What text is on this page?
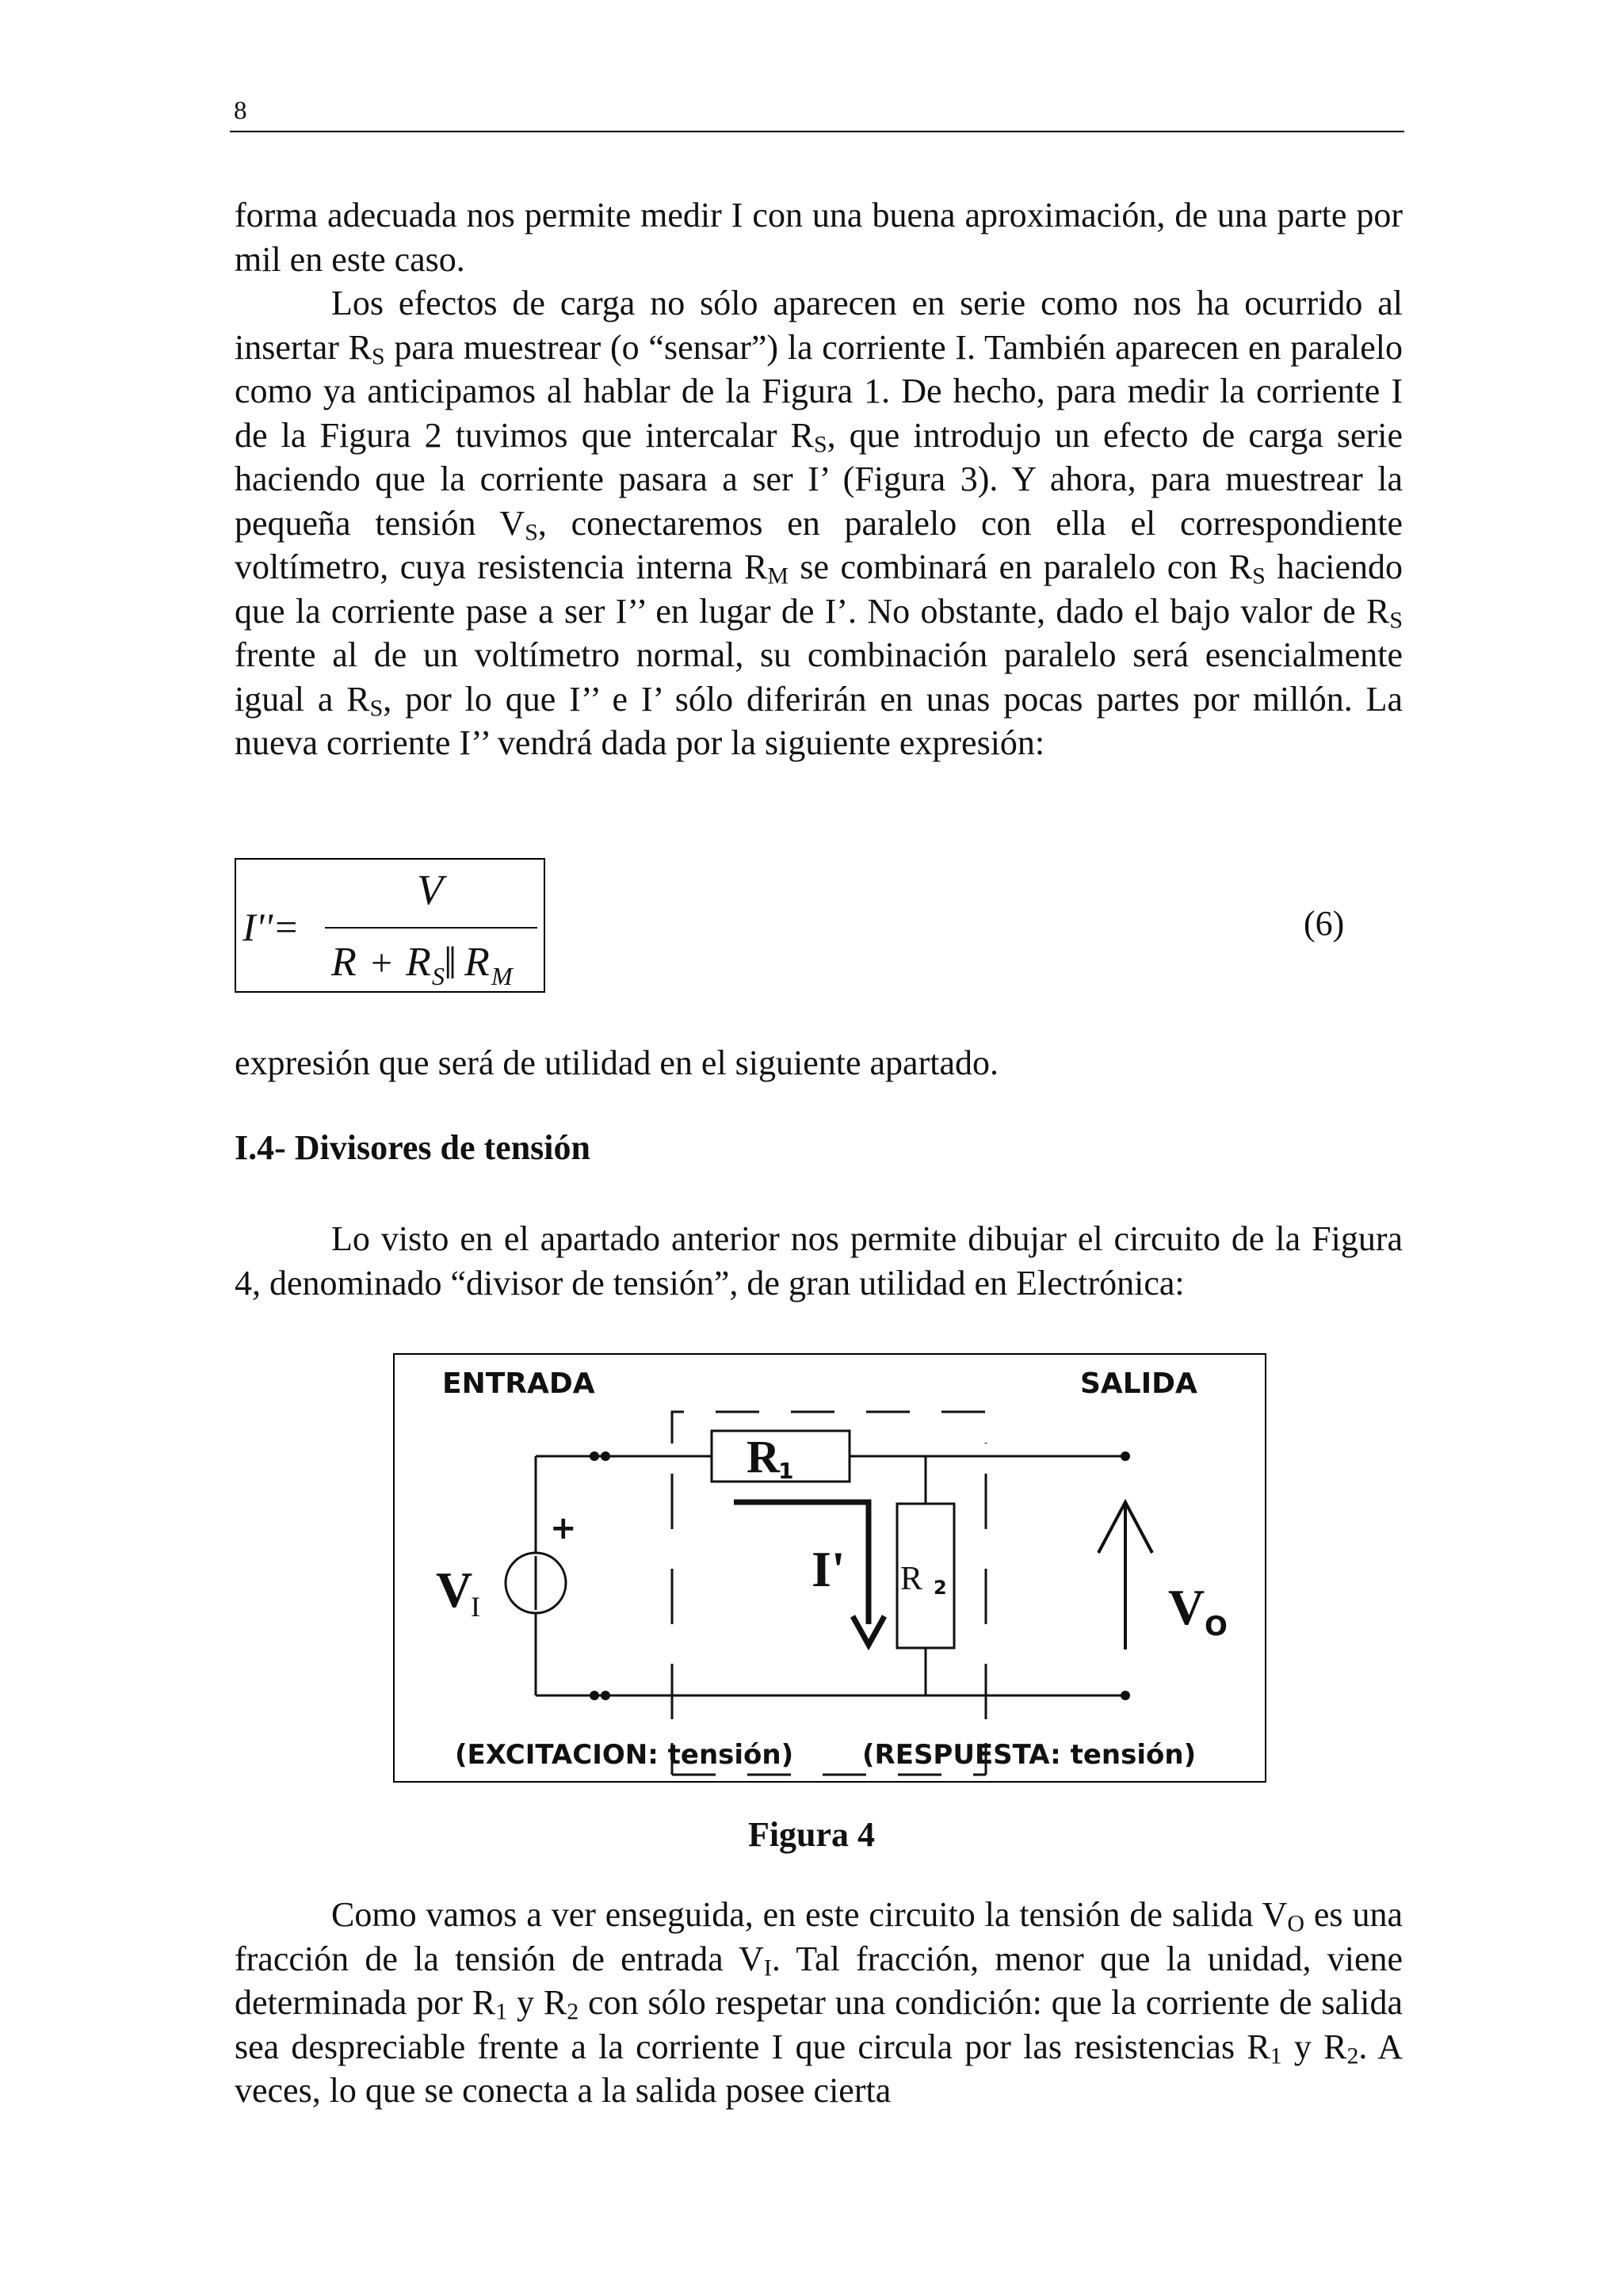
8

forma adecuada nos permite medir I con una buena aproximación, de una parte por mil en este caso.

Los efectos de carga no sólo aparecen en serie como nos ha ocurrido al insertar $R_S$ para muestrear (o “sensar”) la corriente I. También aparecen en paralelo como ya anticipamos al hablar de la Figura 1. De hecho, para medir la corriente I de la Figura 2 tuvimos que intercalar $R_S$, que introdujo un efecto de carga serie haciendo que la corriente pasara a ser I’ (Figura 3). Y ahora, para muestrear la pequeña tensión $V_S$, conectaremos en paralelo con ella el correspondiente voltímetro, cuya resistencia interna $R_M$ se combinará en paralelo con $R_S$ haciendo que la corriente pase a ser I’’ en lugar de I’. No obstante, dado el bajo valor de $R_S$ frente al de un voltímetro normal, su combinación paralelo será esencialmente igual a $R_S$, por lo que I’’ e I’ sólo diferirán en unas pocas partes por millón. La nueva corriente I’’ vendrá dada por la siguiente expresión:

I''=
V
R + R S ‖ R M
(6)
expresión que será de utilidad en el siguiente apartado.
I.4- Divisores de tensión
Lo visto en el apartado anterior nos permite dibujar el circuito de la Figura 4, denominado “divisor de tensión”, de gran utilidad en Electrónica:
ENTRADA	SALIDA
+
V
I
R
1
R 2
I'
V O
(EXCITACION: tensión)	(RESPUESTA: tensión)
Figura 4
Como vamos a ver enseguida, en este circuito la tensión de salida $V_O$ es una fracción de la tensión de entrada $V_I$. Tal fracción, menor que la unidad, viene determinada por $R_1$ y $R_2$ con sólo respetar una condición: que la corriente de salida sea despreciable frente a la corriente I que circula por las resistencias $R_1$ y $R_2$. A veces, lo que se conecta a la salida posee cierta
